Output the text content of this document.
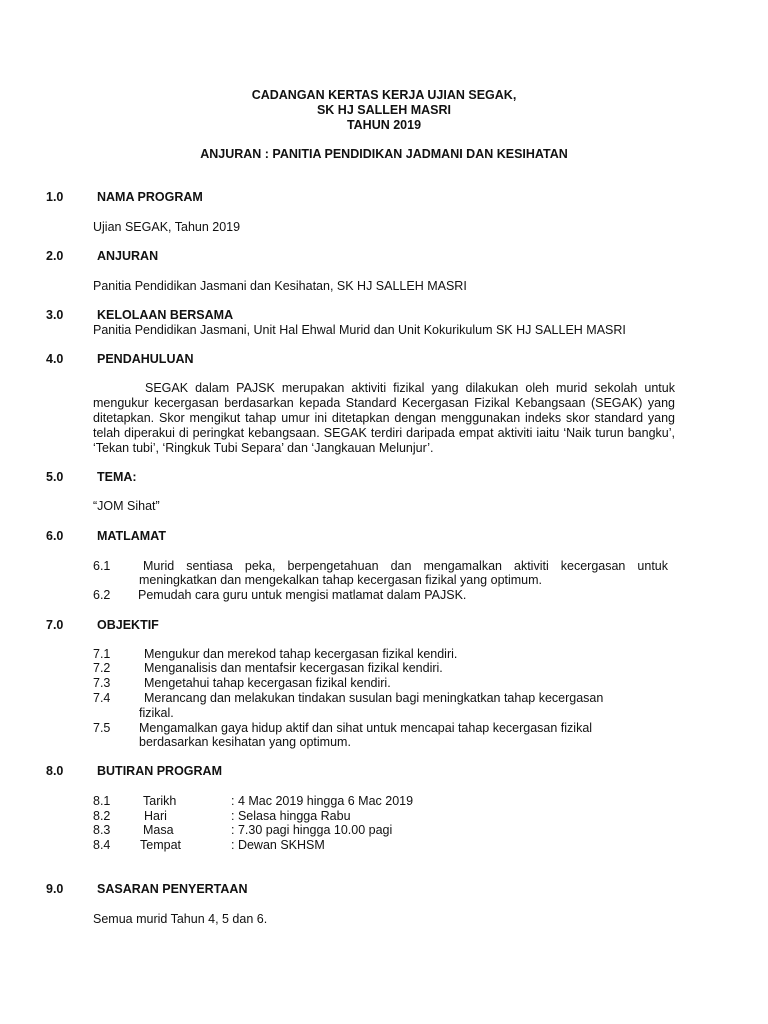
CADANGAN KERTAS KERJA UJIAN SEGAK,
SK HJ SALLEH MASRI
TAHUN 2019
ANJURAN : PANITIA PENDIDIKAN JADMANI DAN KESIHATAN
1.0	NAMA PROGRAM
Ujian SEGAK, Tahun 2019
2.0	ANJURAN
Panitia Pendidikan Jasmani dan Kesihatan, SK HJ SALLEH MASRI
3.0	KELOLAAN BERSAMA
Panitia Pendidikan Jasmani, Unit Hal Ehwal Murid dan Unit Kokurikulum SK HJ SALLEH MASRI
4.0	PENDAHULUAN

SEGAK dalam PAJSK merupakan aktiviti fizikal yang dilakukan oleh murid sekolah untuk mengukur kecergasan berdasarkan kepada Standard Kecergasan Fizikal Kebangsaan (SEGAK) yang ditetapkan. Skor mengikut tahap umur ini ditetapkan dengan menggunakan indeks skor standard yang telah diperakui di peringkat kebangsaan. SEGAK terdiri daripada empat aktiviti iaitu ‘Naik turun bangku’, ‘Tekan tubi’, ‘Ringkuk Tubi Separa’ dan ‘Jangkauan Melunjur’.

5.0	TEMA:
“JOM Sihat”
6.0	MATLAMAT
6.1	Murid sentiasa peka, berpengetahuan dan mengamalkan aktiviti kecergasan untuk
meningkatkan dan mengekalkan tahap kecergasan fizikal yang optimum.
6.2 Pemudah cara guru untuk mengisi matlamat dalam PAJSK.
7.0	OBJEKTIF
7.1	Mengukur dan merekod tahap kecergasan fizikal kendiri.
7.2	Menganalisis dan mentafsir kecergasan fizikal kendiri.
7.3	Mengetahui tahap kecergasan fizikal kendiri.
7.4	Merancang dan melakukan tindakan susulan bagi meningkatkan tahap kecergasan
fizikal.
7.5 Mengamalkan gaya hidup aktif dan sihat untuk mencapai tahap kecergasan fizikal
berdasarkan kesihatan yang optimum.
8.0	BUTIRAN PROGRAM
8.1	Tarikh	: 4 Mac 2019 hingga 6 Mac 2019
8.2	Hari	: Selasa hingga Rabu
8.3	Masa	: 7.30 pagi hingga 10.00 pagi
8.4 Tempat	: Dewan SKHSM
9.0	SASARAN PENYERTAAN
Semua murid Tahun 4, 5 dan 6.
